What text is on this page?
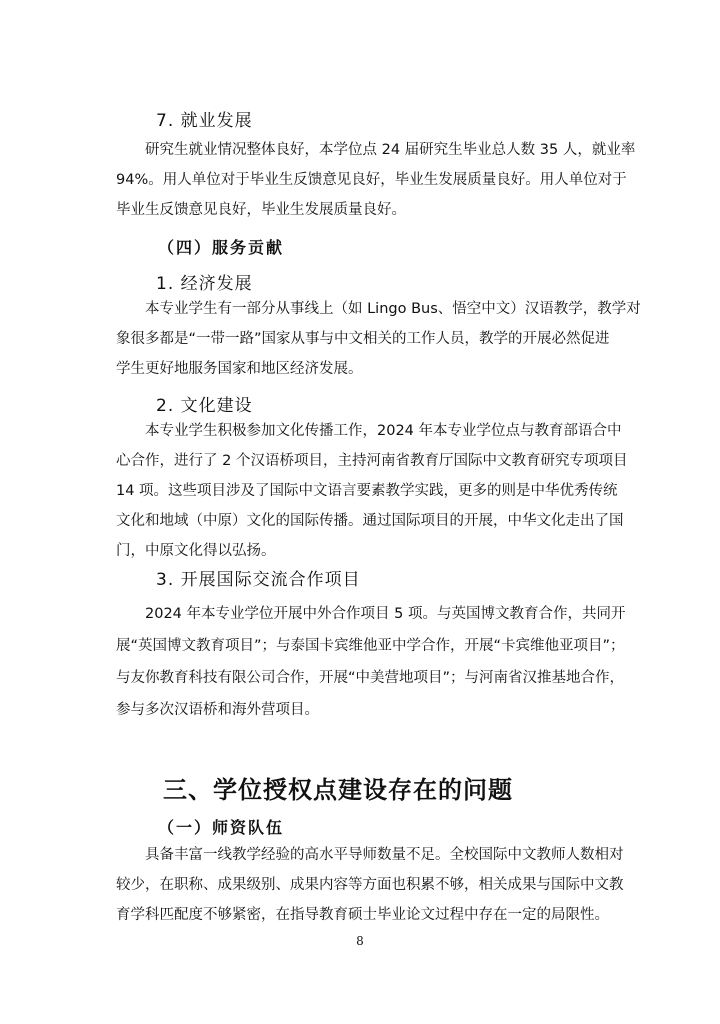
7. 就业发展
研究生就业情况整体良好，本学位点 24 届研究生毕业总人数 35 人，就业率
94%。用人单位对于毕业生反馈意见良好，毕业生发展质量良好。用人单位对于
毕业生反馈意见良好，毕业生发展质量良好。
（四）服务贡献
1. 经济发展
本专业学生有一部分从事线上（如 Lingo Bus、悟空中文）汉语教学，教学对
象很多都是“一带一路”国家从事与中文相关的工作人员，教学的开展必然促进
学生更好地服务国家和地区经济发展。
2. 文化建设
本专业学生积极参加文化传播工作，2024 年本专业学位点与教育部语合中
心合作，进行了 2 个汉语桥项目，主持河南省教育厅国际中文教育研究专项项目
14 项。这些项目涉及了国际中文语言要素教学实践，更多的则是中华优秀传统
文化和地域（中原）文化的国际传播。通过国际项目的开展，中华文化走出了国
门，中原文化得以弘扬。
3. 开展国际交流合作项目
2024 年本专业学位开展中外合作项目 5 项。与英国博文教育合作，共同开
展“英国博文教育项目”；与泰国卡宾维他亚中学合作，开展“卡宾维他亚项目”；
与友你教育科技有限公司合作，开展“中美营地项目”；与河南省汉推基地合作，
参与多次汉语桥和海外营项目。
三、学位授权点建设存在的问题
（一）师资队伍
具备丰富一线教学经验的高水平导师数量不足。全校国际中文教师人数相对
较少，在职称、成果级别、成果内容等方面也积累不够，相关成果与国际中文教
育学科匹配度不够紧密，在指导教育硕士毕业论文过程中存在一定的局限性。
8
